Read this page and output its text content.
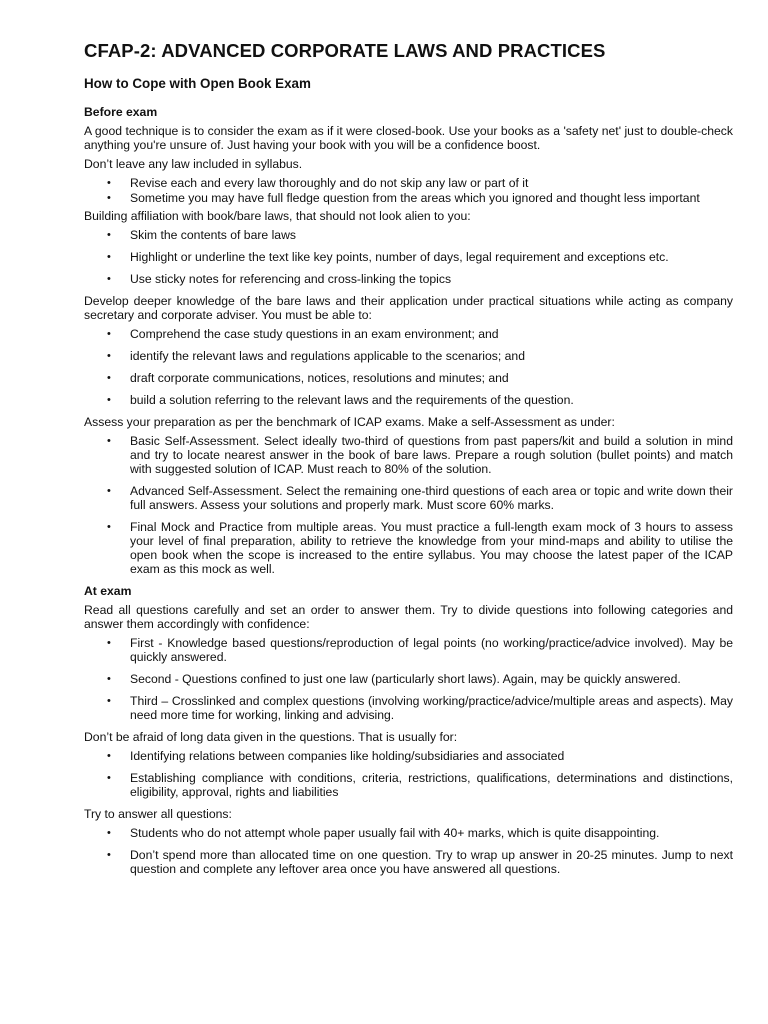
CFAP-2: ADVANCED CORPORATE LAWS AND PRACTICES
How to Cope with Open Book Exam
Before exam

A good technique is to consider the exam as if it were closed-book. Use your books as a 'safety net' just to double-check anything you're unsure of. Just having your book with you will be a confidence boost.

Don’t leave any law included in syllabus.

• Revise each and every law thoroughly and do not skip any law or part of it
• Sometime you may have full fledge question from the areas which you ignored and thought less important

Building affiliation with book/bare laws, that should not look alien to you:

• Skim the contents of bare laws
• Highlight or underline the text like key points, number of days, legal requirement and exceptions etc.
• Use sticky notes for referencing and cross-linking the topics

Develop deeper knowledge of the bare laws and their application under practical situations while acting as company secretary and corporate adviser. You must be able to:

• Comprehend the case study questions in an exam environment; and
• identify the relevant laws and regulations applicable to the scenarios; and
• draft corporate communications, notices, resolutions and minutes; and
• build a solution referring to the relevant laws and the requirements of the question.

Assess your preparation as per the benchmark of ICAP exams. Make a self-Assessment as under:

• Basic Self-Assessment. Select ideally two-third of questions from past papers/kit and build a solution in mind and try to locate nearest answer in the book of bare laws. Prepare a rough solution (bullet points) and match with suggested solution of ICAP. Must reach to 80% of the solution.
• Advanced Self-Assessment. Select the remaining one-third questions of each area or topic and write down their full answers. Assess your solutions and properly mark. Must score 60% marks.
• Final Mock and Practice from multiple areas. You must practice a full-length exam mock of 3 hours to assess your level of final preparation, ability to retrieve the knowledge from your mind-maps and ability to utilise the open book when the scope is increased to the entire syllabus. You may choose the latest paper of the ICAP exam as this mock as well.
At exam

Read all questions carefully and set an order to answer them. Try to divide questions into following categories and answer them accordingly with confidence:

• First - Knowledge based questions/reproduction of legal points (no working/practice/advice involved). May be quickly answered.
• Second - Questions confined to just one law (particularly short laws). Again, may be quickly answered.
• Third – Crosslinked and complex questions (involving working/practice/advice/multiple areas and aspects). May need more time for working, linking and advising.

Don’t be afraid of long data given in the questions. That is usually for:

• Identifying relations between companies like holding/subsidiaries and associated
• Establishing compliance with conditions, criteria, restrictions, qualifications, determinations and distinctions, eligibility, approval, rights and liabilities

Try to answer all questions:

• Students who do not attempt whole paper usually fail with 40+ marks, which is quite disappointing.
• Don’t spend more than allocated time on one question. Try to wrap up answer in 20-25 minutes. Jump to next question and complete any leftover area once you have answered all questions.
